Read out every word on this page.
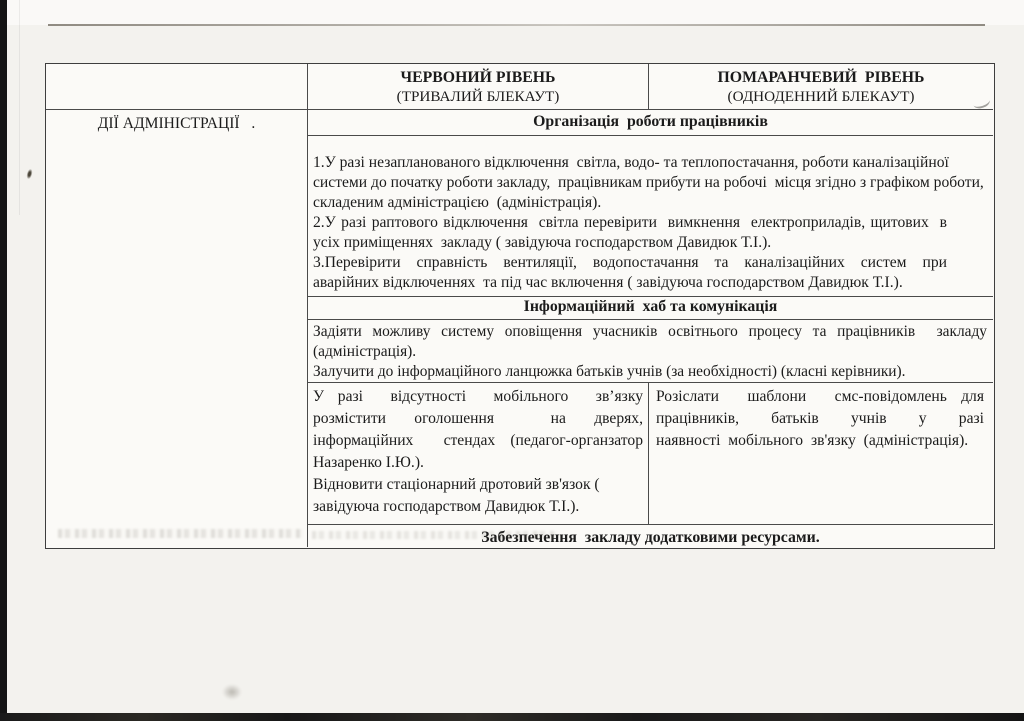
ЧЕРВОНИЙ РІВЕНЬ
(ТРИВАЛИЙ БЛЕКАУТ)
ПОМАРАНЧЕВИЙ  РІВЕНЬ
(ОДНОДЕННИЙ БЛЕКАУТ)
ДІЇ АДМІНІСТРАЦІЇ   .	Організація  роботи працівників

1.У разі незапланованого відключення  світла, водо- та теплопостачання, роботи каналізаційної системи до початку роботи закладу,  працівникам прибути на робочі  місця згідно з графіком роботи, складеним адміністрацією  (адміністрація).

2.У разі раптового відключення  світла перевірити  вимкнення  електроприладів, щитових  в  усіх приміщеннях  закладу ( завідуюча господарством Давидюк Т.І.).

3.Перевірити  справність  вентиляції,  водопостачання  та  каналізаційних  систем  при аварійних відключеннях  та під час включення ( завідуюча господарством Давидюк Т.І.).

Інформаційний  хаб та комунікація

Задіяти можливу систему оповіщення учасників освітнього процесу та працівників  закладу (адміністрація).

Залучити до інформаційного ланцюжка батьків учнів (за необхідності) (класні керівники).

У разі  відсутності  мобільного  зв’язку розмістити оголошення  на дверях, інформаційних  стендах (педагог-органзатор Назаренко І.Ю.).

Відновити стаціонарний дротовий зв'язок ( завідуюча господарством Давидюк Т.І.).

Розіслати  шаблони  смс-повідомлень для працівників,  батьків  учнів  у  разі наявності мобільного зв'язку (адміністрація).

Забезпечення  закладу додатковими ресурсами.
